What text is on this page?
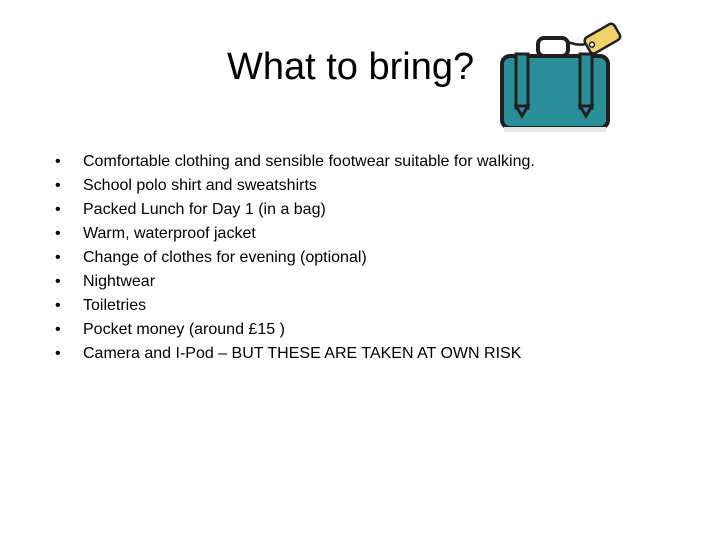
What to bring?
• Comfortable clothing and sensible footwear suitable for walking.
• School polo shirt and sweatshirts
• Packed Lunch for Day 1 (in a bag)
• Warm, waterproof jacket
• Change of clothes for evening (optional)
• Nightwear
• Toiletries
• Pocket money (around £15 )
• Camera and I-Pod – BUT THESE ARE TAKEN AT OWN RISK
